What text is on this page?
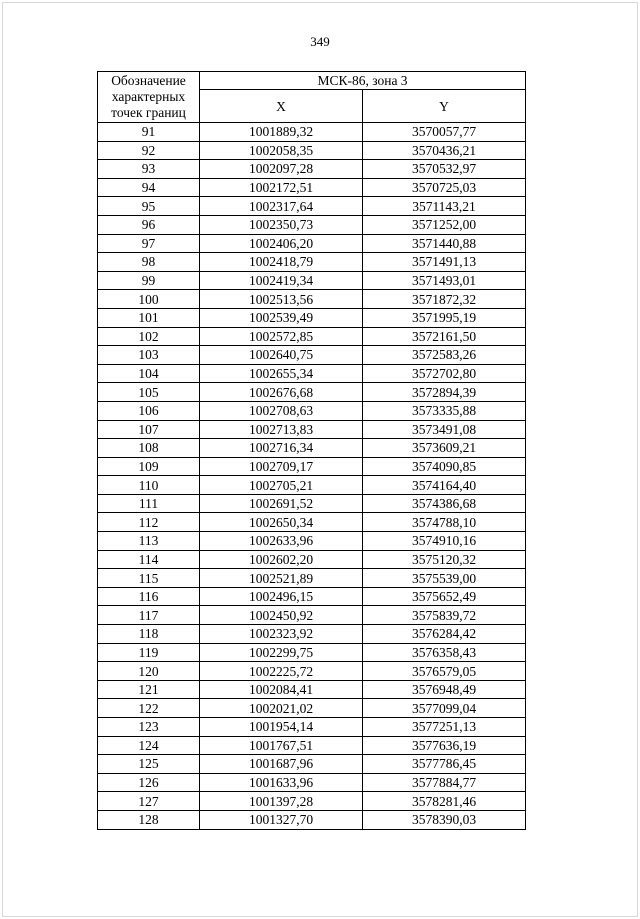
349
Обозначение характерных точек границ	МСК-86, зона 3	
	X	Y
91	1001889,32	3570057,77
92	1002058,35	3570436,21
93	1002097,28	3570532,97
94	1002172,51	3570725,03
95	1002317,64	3571143,21
96	1002350,73	3571252,00
97	1002406,20	3571440,88
98	1002418,79	3571491,13
99	1002419,34	3571493,01
100	1002513,56	3571872,32
101	1002539,49	3571995,19
102	1002572,85	3572161,50
103	1002640,75	3572583,26
104	1002655,34	3572702,80
105	1002676,68	3572894,39
106	1002708,63	3573335,88
107	1002713,83	3573491,08
108	1002716,34	3573609,21
109	1002709,17	3574090,85
110	1002705,21	3574164,40
111	1002691,52	3574386,68
112	1002650,34	3574788,10
113	1002633,96	3574910,16
114	1002602,20	3575120,32
115	1002521,89	3575539,00
116	1002496,15	3575652,49
117	1002450,92	3575839,72
118	1002323,92	3576284,42
119	1002299,75	3576358,43
120	1002225,72	3576579,05
121	1002084,41	3576948,49
122	1002021,02	3577099,04
123	1001954,14	3577251,13
124	1001767,51	3577636,19
125	1001687,96	3577786,45
126	1001633,96	3577884,77
127	1001397,28	3578281,46
128	1001327,70	3578390,03
